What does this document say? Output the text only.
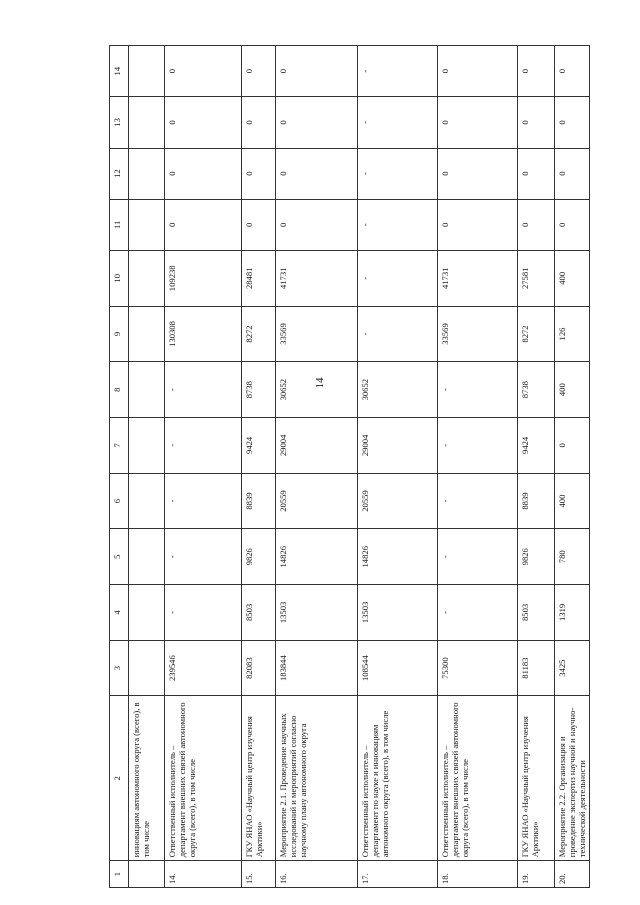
14
1	2	3	4	5	6	7	8	9	10	11	12	13	14
	инновациям автономного округа (всего), в том числе												
14.	Ответственный исполнитель – департамент внешних связей автономного округа (всего), в том числе	239546	-	-	-	-	-	130308	109238	0	0	0	0
15.	ГКУ ЯНАО «Научный центр изучения Арктики»	82083	8503	9826	8839	9424	8738	8272	28481	0	0	0	0
16.	Мероприятие 2.1. Проведение научных исследований и мероприятий согласно научному плану автономного округа	183844	13503	14826	20559	29004	30652	33569	41731	0	0	0	0
17.	Ответственный исполнитель – департамент по науке и инновациям автономного округа (всего), в том числе	108544	13503	14826	20559	29004	30652	-	-	-	-	-	-
18.	Ответственный исполнитель – департамент внешних связей автономного округа (всего), в том числе	75300	-	-	-	-	-	33569	41731	0	0	0	0
19.	ГКУ ЯНАО «Научный центр изучения Арктики»	81183	8503	9826	8839	9424	8738	8272	27581	0	0	0	0
20.	Мероприятие 2.2. Организация и проведение экспертиз научной и научно-технической деятельности	3425	1319	780	400	0	400	126	400	0	0	0	0
